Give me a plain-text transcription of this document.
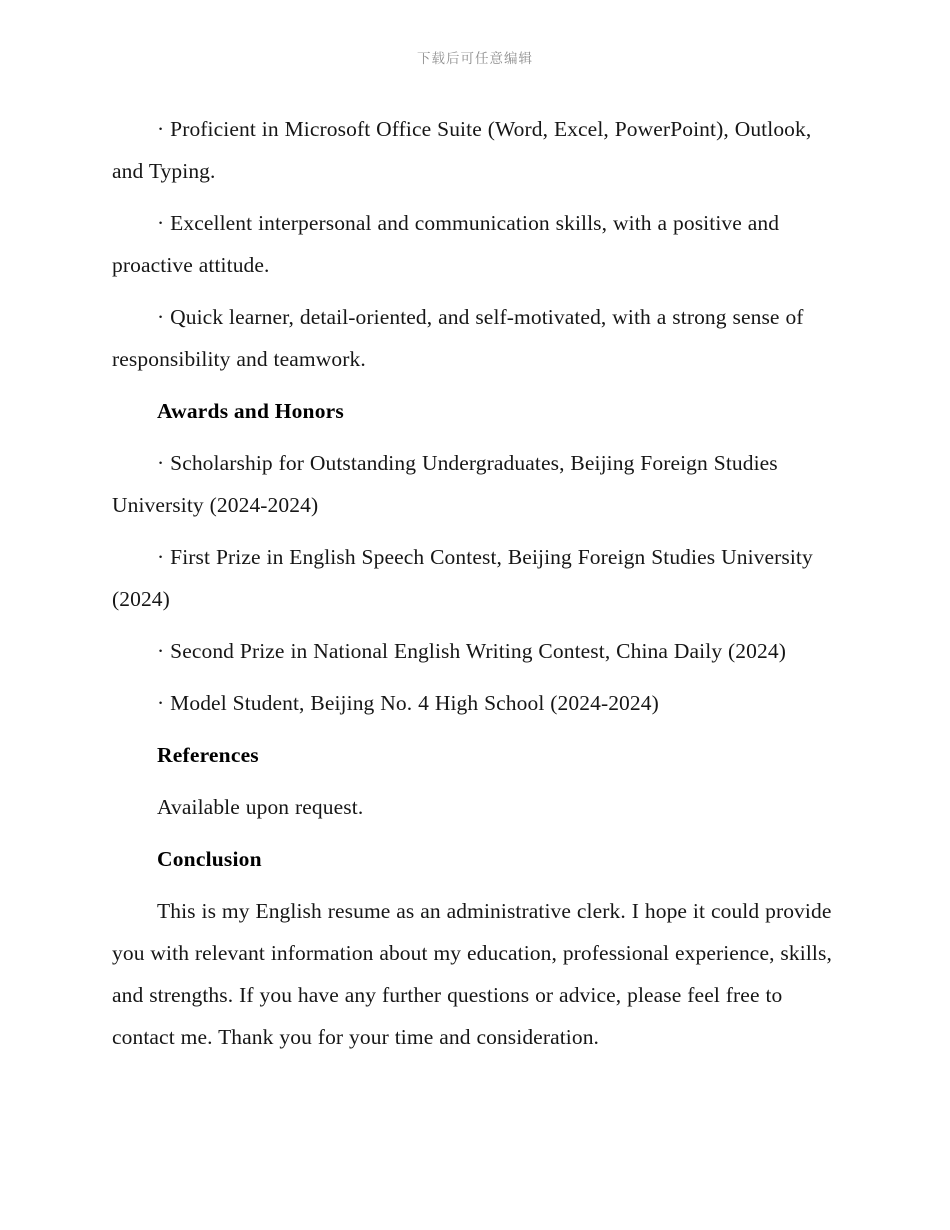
下载后可任意编辑

· Proficient in Microsoft Office Suite (Word, Excel, PowerPoint), Outlook, and Typing.

· Excellent interpersonal and communication skills, with a positive and proactive attitude.

· Quick learner, detail-oriented, and self-motivated, with a strong sense of responsibility and teamwork.

Awards and Honors

· Scholarship for Outstanding Undergraduates, Beijing Foreign Studies University (2024-2024)

· First Prize in English Speech Contest, Beijing Foreign Studies University (2024)

· Second Prize in National English Writing Contest, China Daily (2024)

· Model Student, Beijing No. 4 High School (2024-2024)

References

Available upon request.

Conclusion

This is my English resume as an administrative clerk. I hope it could provide you with relevant information about my education, professional experience, skills, and strengths. If you have any further questions or advice, please feel free to contact me. Thank you for your time and consideration.
